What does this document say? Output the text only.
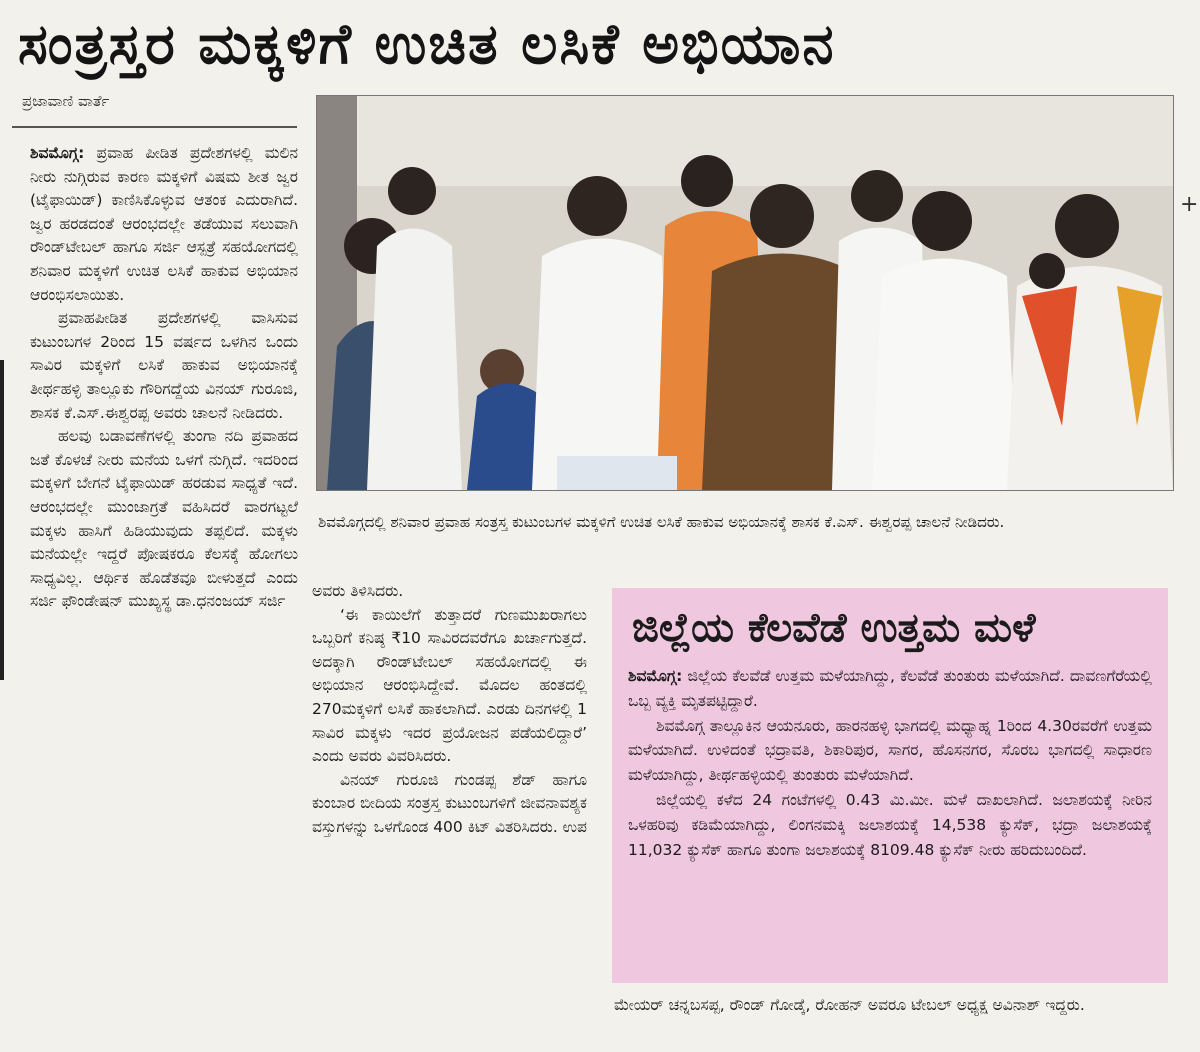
ಸಂತ್ರಸ್ತರ ಮಕ್ಕಳಿಗೆ ಉಚಿತ ಲಸಿಕೆ ಅಭಿಯಾನ
ಪ್ರಜಾವಾಣಿ ವಾರ್ತೆ

ಶಿವಮೊಗ್ಗ: ಪ್ರವಾಹ ಪೀಡಿತ ಪ್ರದೇಶಗಳಲ್ಲಿ ಮಲಿನ ನೀರು ನುಗ್ಗಿರುವ ಕಾರಣ ಮಕ್ಕಳಿಗೆ ವಿಷಮ ಶೀತ ಜ್ವರ (ಟೈಫಾಯಿಡ್) ಕಾಣಿಸಿಕೊಳ್ಳುವ ಆತಂಕ ಎದುರಾಗಿದೆ. ಜ್ವರ ಹರಡದಂತೆ ಆರಂಭದಲ್ಲೇ ತಡೆಯುವ ಸಲುವಾಗಿ ರೌಂಡ್‌ಟೇಬಲ್ ಹಾಗೂ ಸರ್ಜಿ ಆಸ್ಪತ್ರೆ ಸಹಯೋಗದಲ್ಲಿ ಶನಿವಾರ ಮಕ್ಕಳಿಗೆ ಉಚಿತ ಲಸಿಕೆ ಹಾಕುವ ಅಭಿಯಾನ ಆರಂಭಿಸಲಾಯಿತು.

ಪ್ರವಾಹಪೀಡಿತ ಪ್ರದೇಶಗಳಲ್ಲಿ ವಾಸಿಸುವ ಕುಟುಂಬಗಳ 2ರಿಂದ 15 ವರ್ಷದ ಒಳಗಿನ ಒಂದು ಸಾವಿರ ಮಕ್ಕಳಿಗೆ ಲಸಿಕೆ ಹಾಕುವ ಅಭಿಯಾನಕ್ಕೆ ತೀರ್ಥಹಳ್ಳಿ ತಾಲ್ಲೂಕು ಗೌರಿಗದ್ದೆಯ ವಿನಯ್ ಗುರೂಜಿ, ಶಾಸಕ ಕೆ.ಎಸ್.ಈಶ್ವರಪ್ಪ ಅವರು ಚಾಲನೆ ನೀಡಿದರು.

ಹಲವು ಬಡಾವಣೆಗಳಲ್ಲಿ ತುಂಗಾ ನದಿ ಪ್ರವಾಹದ ಜತೆ ಕೊಳಚೆ ನೀರು ಮನೆಯ ಒಳಗೆ ನುಗ್ಗಿದೆ. ಇದರಿಂದ ಮಕ್ಕಳಿಗೆ ಬೇಗನೆ ಟೈಫಾಯಿಡ್ ಹರಡುವ ಸಾಧ್ಯತೆ ಇದೆ. ಆರಂಭದಲ್ಲೇ ಮುಂಜಾಗ್ರತೆ ವಹಿಸಿದರೆ ವಾರಗಟ್ಟಲೆ ಮಕ್ಕಳು ಹಾಸಿಗೆ ಹಿಡಿಯುವುದು ತಪ್ಪಲಿದೆ. ಮಕ್ಕಳು ಮನೆಯಲ್ಲೇ ಇದ್ದರೆ ಪೋಷಕರೂ ಕೆಲಸಕ್ಕೆ ಹೋಗಲು ಸಾಧ್ಯವಿಲ್ಲ. ಆರ್ಥಿಕ ಹೊಡೆತವೂ ಬೀಳುತ್ತದೆ ಎಂದು ಸರ್ಜಿ ಫೌಂಡೇಷನ್ ಮುಖ್ಯಸ್ಥ ಡಾ.ಧನಂಜಯ್ ಸರ್ಜಿ

ಶಿವಮೊಗ್ಗದಲ್ಲಿ ಶನಿವಾರ ಪ್ರವಾಹ ಸಂತ್ರಸ್ತ ಕುಟುಂಬಗಳ ಮಕ್ಕಳಿಗೆ ಉಚಿತ ಲಸಿಕೆ ಹಾಕುವ ಅಭಿಯಾನಕ್ಕೆ ಶಾಸಕ ಕೆ.ಎಸ್. ಈಶ್ವರಪ್ಪ ಚಾಲನೆ ನೀಡಿದರು.

ಅವರು ತಿಳಿಸಿದರು.

‘ಈ ಕಾಯಿಲೆಗೆ ತುತ್ತಾದರೆ ಗುಣಮುಖರಾಗಲು ಒಬ್ಬರಿಗೆ ಕನಿಷ್ಠ ₹10 ಸಾವಿರದವರೆಗೂ ಖರ್ಚಾಗುತ್ತದೆ. ಅದಕ್ಕಾಗಿ ರೌಂಡ್‌ಟೇಬಲ್ ಸಹಯೋಗದಲ್ಲಿ ಈ ಅಭಿಯಾನ ಆರಂಭಿಸಿದ್ದೇವೆ. ಮೊದಲ ಹಂತದಲ್ಲಿ 270ಮಕ್ಕಳಿಗೆ ಲಸಿಕೆ ಹಾಕಲಾಗಿದೆ. ಎರಡು ದಿನಗಳಲ್ಲಿ 1 ಸಾವಿರ ಮಕ್ಕಳು ಇದರ ಪ್ರಯೋಜನ ಪಡೆಯಲಿದ್ದಾರೆ’ ಎಂದು ಅವರು ವಿವರಿಸಿದರು.

ವಿನಯ್ ಗುರೂಜಿ ಗುಂಡಪ್ಪ ಶೆಡ್ ಹಾಗೂ ಕುಂಬಾರ ಬೀದಿಯ ಸಂತ್ರಸ್ತ ಕುಟುಂಬಗಳಿಗೆ ಜೀವನಾವಶ್ಯಕ ವಸ್ತುಗಳನ್ನು ಒಳಗೊಂಡ 400 ಕಿಟ್ ವಿತರಿಸಿದರು. ಉಪ

ಜಿಲ್ಲೆಯ ಕೆಲವೆಡೆ ಉತ್ತಮ ಮಳೆ

ಶಿವಮೊಗ್ಗ: ಜಿಲ್ಲೆಯ ಕೆಲವೆಡೆ ಉತ್ತಮ ಮಳೆಯಾಗಿದ್ದು, ಕೆಲವೆಡೆ ತುಂತುರು ಮಳೆಯಾಗಿದೆ. ದಾವಣಗೆರೆಯಲ್ಲಿ ಒಬ್ಬ ವ್ಯಕ್ತಿ ಮೃತಪಟ್ಟಿದ್ದಾರೆ.

ಶಿವಮೊಗ್ಗ ತಾಲ್ಲೂಕಿನ ಆಯನೂರು, ಹಾರನಹಳ್ಳಿ ಭಾಗದಲ್ಲಿ ಮಧ್ಯಾಹ್ನ 1ರಿಂದ 4.30ರವರೆಗೆ ಉತ್ತಮ ಮಳೆಯಾಗಿದೆ. ಉಳಿದಂತೆ ಭದ್ರಾವತಿ, ಶಿಕಾರಿಪುರ, ಸಾಗರ, ಹೊಸನಗರ, ಸೊರಬ ಭಾಗದಲ್ಲಿ ಸಾಧಾರಣ ಮಳೆಯಾಗಿದ್ದು, ತೀರ್ಥಹಳ್ಳಿಯಲ್ಲಿ ತುಂತುರು ಮಳೆಯಾಗಿದೆ.

ಜಿಲ್ಲೆಯಲ್ಲಿ ಕಳೆದ 24 ಗಂಟೆಗಳಲ್ಲಿ 0.43 ಮಿ.ಮೀ. ಮಳೆ ದಾಖಲಾಗಿದೆ. ಜಲಾಶಯಕ್ಕೆ ನೀರಿನ ಒಳಹರಿವು ಕಡಿಮೆಯಾಗಿದ್ದು, ಲಿಂಗನಮಕ್ಕಿ ಜಲಾಶಯಕ್ಕೆ 14,538 ಕ್ಯುಸೆಕ್, ಭದ್ರಾ ಜಲಾಶಯಕ್ಕೆ 11,032 ಕ್ಯುಸೆಕ್ ಹಾಗೂ ತುಂಗಾ ಜಲಾಶಯಕ್ಕೆ 8109.48 ಕ್ಯುಸೆಕ್ ನೀರು ಹರಿದುಬಂದಿದೆ.

ಮೇಯರ್ ಚನ್ನಬಸಪ್ಪ, ರೌಂಡ್ ಗೋಡ್ಕೆ, ರೋಹನ್ ಅವರೂ ಟೇಬಲ್ ಅಧ್ಯಕ್ಷ ಅವಿನಾಶ್ ಇದ್ದರು.
+
